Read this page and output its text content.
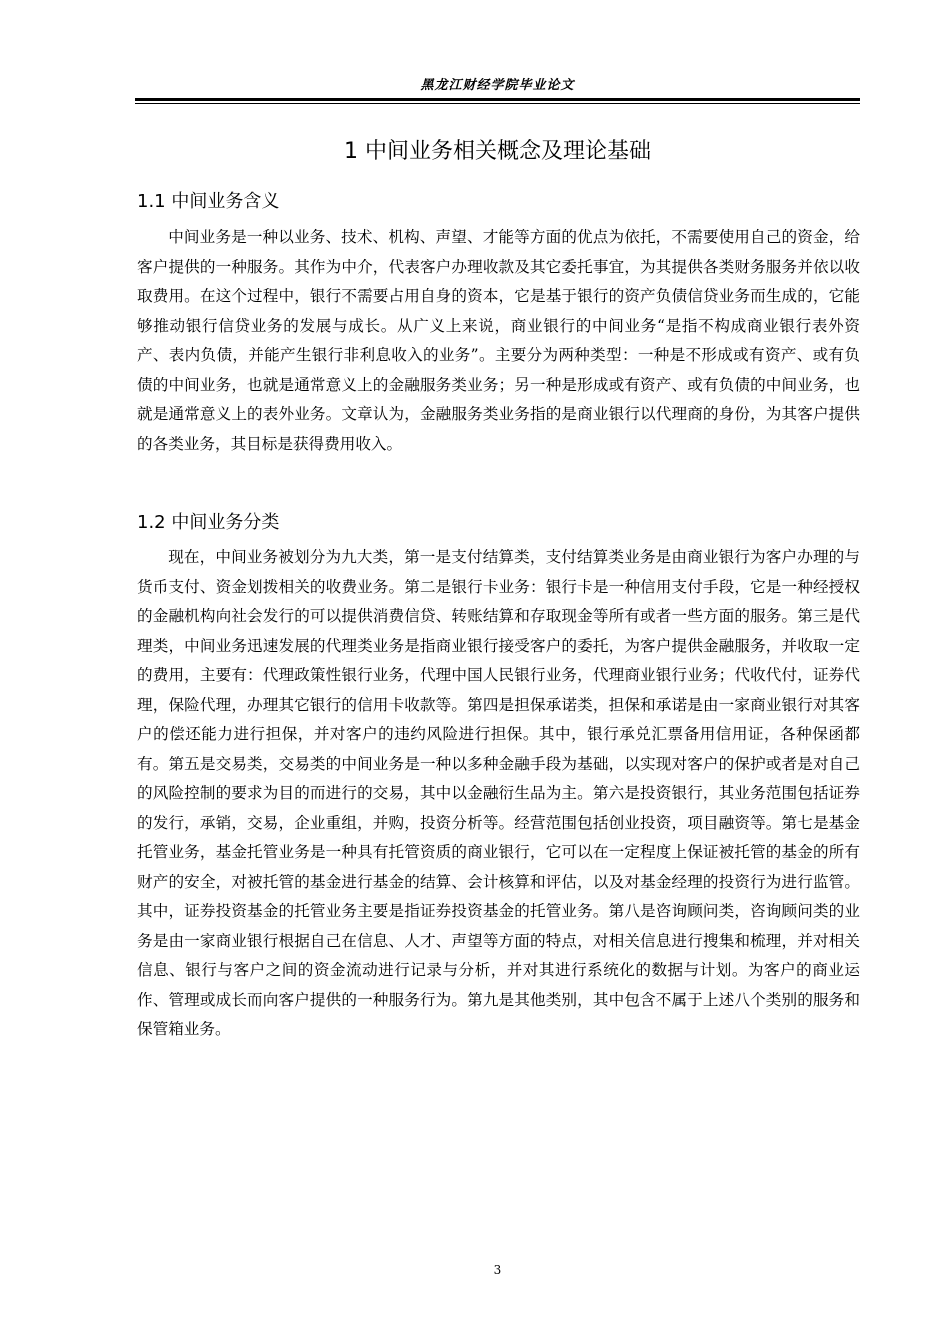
黑龙江财经学院毕业论文
1 中间业务相关概念及理论基础
1.1 中间业务含义

中间业务是一种以业务、技术、机构、声望、才能等方面的优点为依托，不需要使用自己的资金，给客户提供的一种服务。其作为中介，代表客户办理收款及其它委托事宜，为其提供各类财务服务并依以收取费用。在这个过程中，银行不需要占用自身的资本，它是基于银行的资产负债信贷业务而生成的，它能够推动银行信贷业务的发展与成长。从广义上来说，商业银行的中间业务“是指不构成商业银行表外资产、表内负债，并能产生银行非利息收入的业务”。主要分为两种类型：一种是不形成或有资产、或有负债的中间业务，也就是通常意义上的金融服务类业务；另一种是形成或有资产、或有负债的中间业务，也就是通常意义上的表外业务。文章认为，金融服务类业务指的是商业银行以代理商的身份，为其客户提供的各类业务，其目标是获得费用收入。

1.2 中间业务分类

现在，中间业务被划分为九大类，第一是支付结算类，支付结算类业务是由商业银行为客户办理的与货币支付、资金划拨相关的收费业务。第二是银行卡业务：银行卡是一种信用支付手段，它是一种经授权的金融机构向社会发行的可以提供消费信贷、转账结算和存取现金等所有或者一些方面的服务。第三是代理类，中间业务迅速发展的代理类业务是指商业银行接受客户的委托，为客户提供金融服务，并收取一定的费用，主要有：代理政策性银行业务，代理中国人民银行业务，代理商业银行业务；代收代付，证券代理，保险代理，办理其它银行的信用卡收款等。第四是担保承诺类，担保和承诺是由一家商业银行对其客户的偿还能力进行担保，并对客户的违约风险进行担保。其中，银行承兑汇票备用信用证，各种保函都有。第五是交易类，交易类的中间业务是一种以多种金融手段为基础，以实现对客户的保护或者是对自己的风险控制的要求为目的而进行的交易，其中以金融衍生品为主。第六是投资银行，其业务范围包括证券的发行，承销，交易，企业重组，并购，投资分析等。经营范围包括创业投资，项目融资等。第七是基金托管业务，基金托管业务是一种具有托管资质的商业银行，它可以在一定程度上保证被托管的基金的所有财产的安全，对被托管的基金进行基金的结算、会计核算和评估，以及对基金经理的投资行为进行监管。其中，证券投资基金的托管业务主要是指证券投资基金的托管业务。第八是咨询顾问类，咨询顾问类的业务是由一家商业银行根据自己在信息、人才、声望等方面的特点，对相关信息进行搜集和梳理，并对相关信息、银行与客户之间的资金流动进行记录与分析，并对其进行系统化的数据与计划。为客户的商业运作、管理或成长而向客户提供的一种服务行为。第九是其他类别，其中包含不属于上述八个类别的服务和保管箱业务。

3
